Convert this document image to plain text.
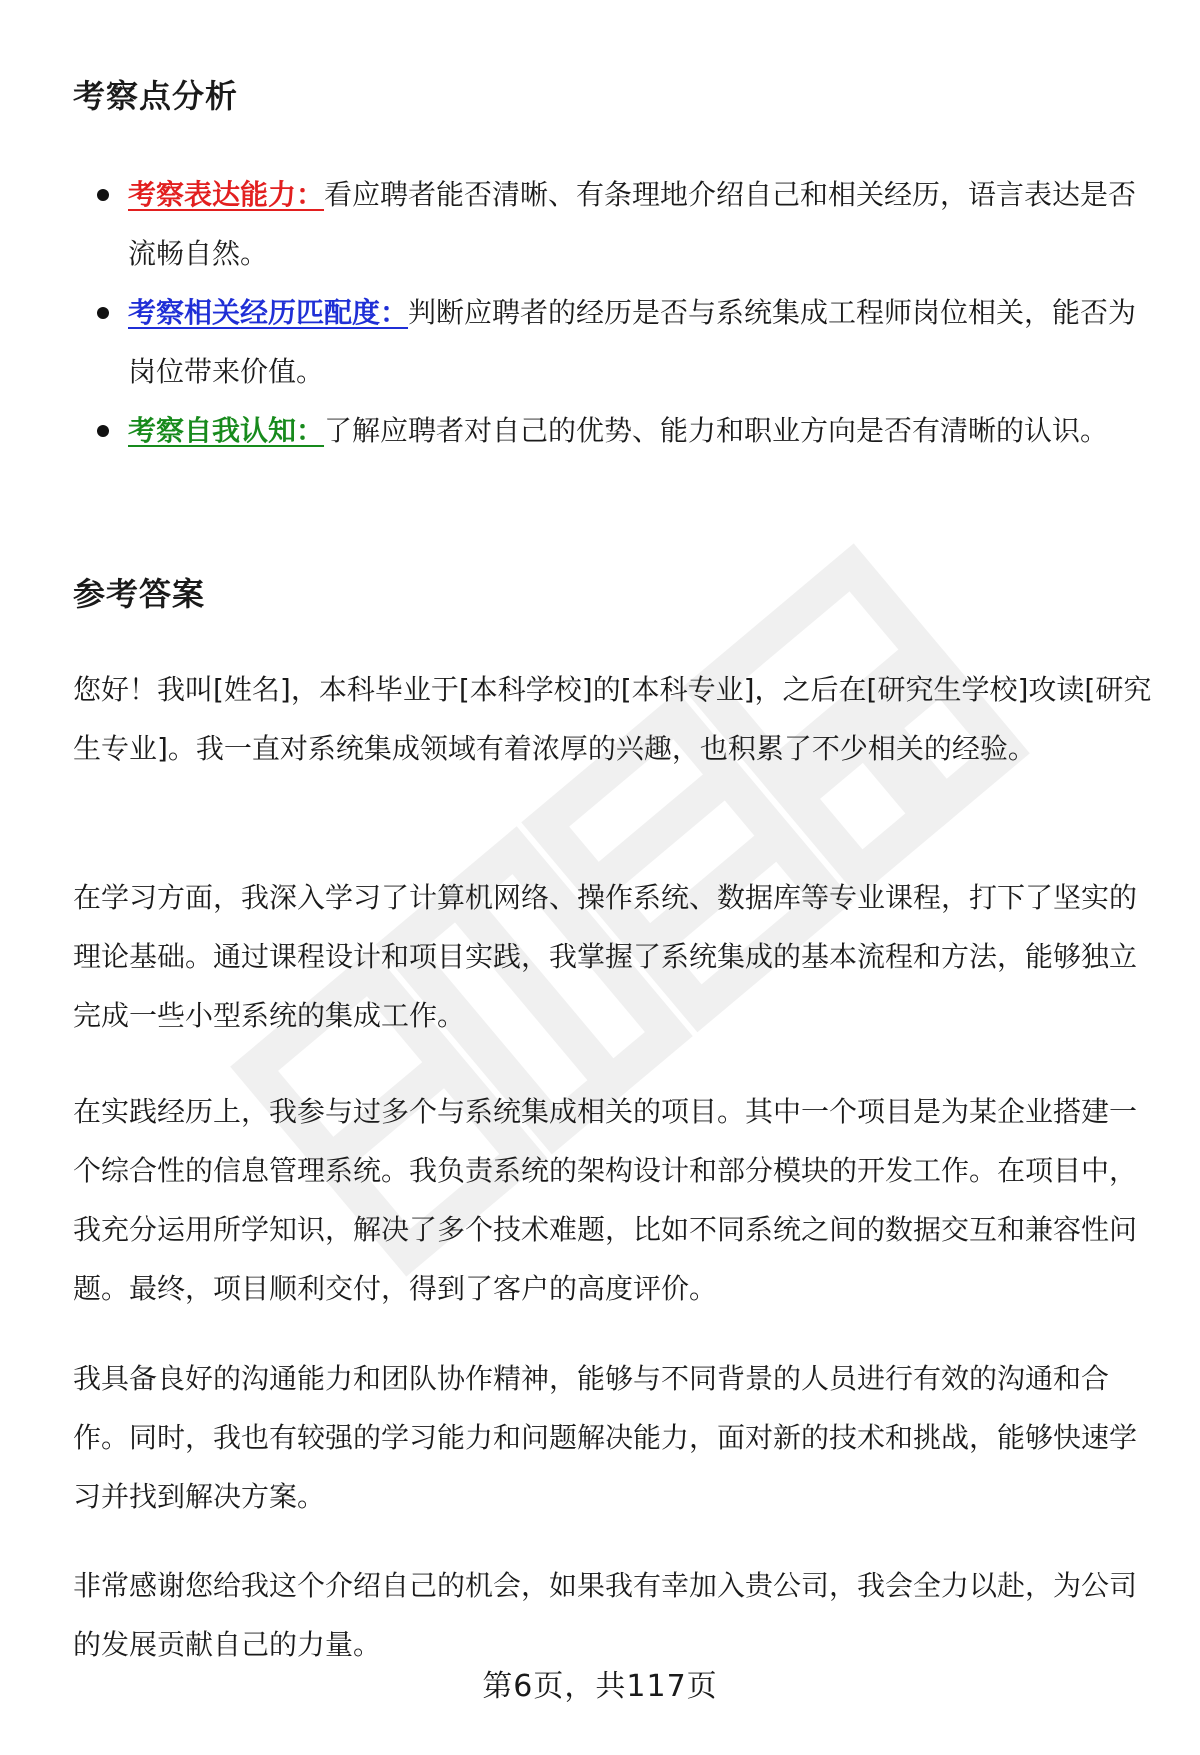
考察点分析
考察表达能力：看应聘者能否清晰、有条理地介绍自己和相关经历，语言表达是否流畅自然。
考察相关经历匹配度：判断应聘者的经历是否与系统集成工程师岗位相关，能否为岗位带来价值。
考察自我认知：了解应聘者对自己的优势、能力和职业方向是否有清晰的认识。
参考答案

您好！我叫[姓名]，本科毕业于[本科学校]的[本科专业]，之后在[研究生学校]攻读[研究生专业]。我一直对系统集成领域有着浓厚的兴趣，也积累了不少相关的经验。

在学习方面，我深入学习了计算机网络、操作系统、数据库等专业课程，打下了坚实的理论基础。通过课程设计和项目实践，我掌握了系统集成的基本流程和方法，能够独立完成一些小型系统的集成工作。

在实践经历上，我参与过多个与系统集成相关的项目。其中一个项目是为某企业搭建一个综合性的信息管理系统。我负责系统的架构设计和部分模块的开发工作。在项目中，我充分运用所学知识，解决了多个技术难题，比如不同系统之间的数据交互和兼容性问题。最终，项目顺利交付，得到了客户的高度评价。

我具备良好的沟通能力和团队协作精神，能够与不同背景的人员进行有效的沟通和合作。同时，我也有较强的学习能力和问题解决能力，面对新的技术和挑战，能够快速学习并找到解决方案。

非常感谢您给我这个介绍自己的机会，如果我有幸加入贵公司，我会全力以赴，为公司的发展贡献自己的力量。

第6页，共117页
